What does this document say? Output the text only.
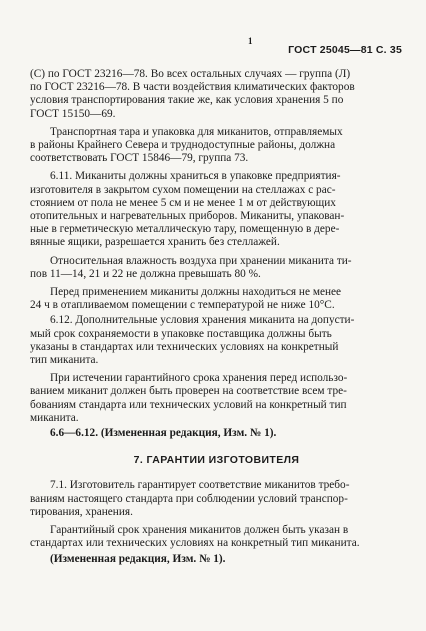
1
ГОСТ 25045—81 С. 35
(С) по ГОСТ 23216—78. Во всех остальных случаях — группа (Л)
по ГОСТ 23216—78. В части воздействия климатических факторов
условия транспортирования такие же, как условия хранения 5 по
ГОСТ 15150—69.
Транспортная тара и упаковка для миканитов, отправляемых
в районы Крайнего Севера и труднодоступные районы, должна
соответствовать ГОСТ 15846—79, группа 73.
6.11. Миканиты должны храниться в упаковке предприятия-
изготовителя в закрытом сухом помещении на стеллажах с рас-
стоянием от пола не менее 5 см и не менее 1 м от действующих
отопительных и нагревательных приборов. Миканиты, упакован-
ные в герметическую металлическую тару, помещенную в дере-
вянные ящики, разрешается хранить без стеллажей.
Относительная влажность воздуха при хранении миканита ти-
пов 11—14, 21 и 22 не должна превышать 80 %.
Перед применением миканиты должны находиться не менее
24 ч в отапливаемом помещении с температурой не ниже 10°С.
6.12. Дополнительные условия хранения миканита на допусти-
мый срок сохраняемости в упаковке поставщика должны быть
указаны в стандартах или технических условиях на конкретный
тип миканита.
При истечении гарантийного срока хранения перед использо-
ванием миканит должен быть проверен на соответствие всем тре-
бованиям стандарта или технических условий на конкретный тип
миканита.
6.6—6.12. (Измененная редакция, Изм. № 1).
7. ГАРАНТИИ ИЗГОТОВИТЕЛЯ
7.1. Изготовитель гарантирует соответствие миканитов требо-
ваниям настоящего стандарта при соблюдении условий транспор-
тирования, хранения.
Гарантийный срок хранения миканитов должен быть указан в
стандартах или технических условиях на конкретный тип миканита.
(Измененная редакция, Изм. № 1).
